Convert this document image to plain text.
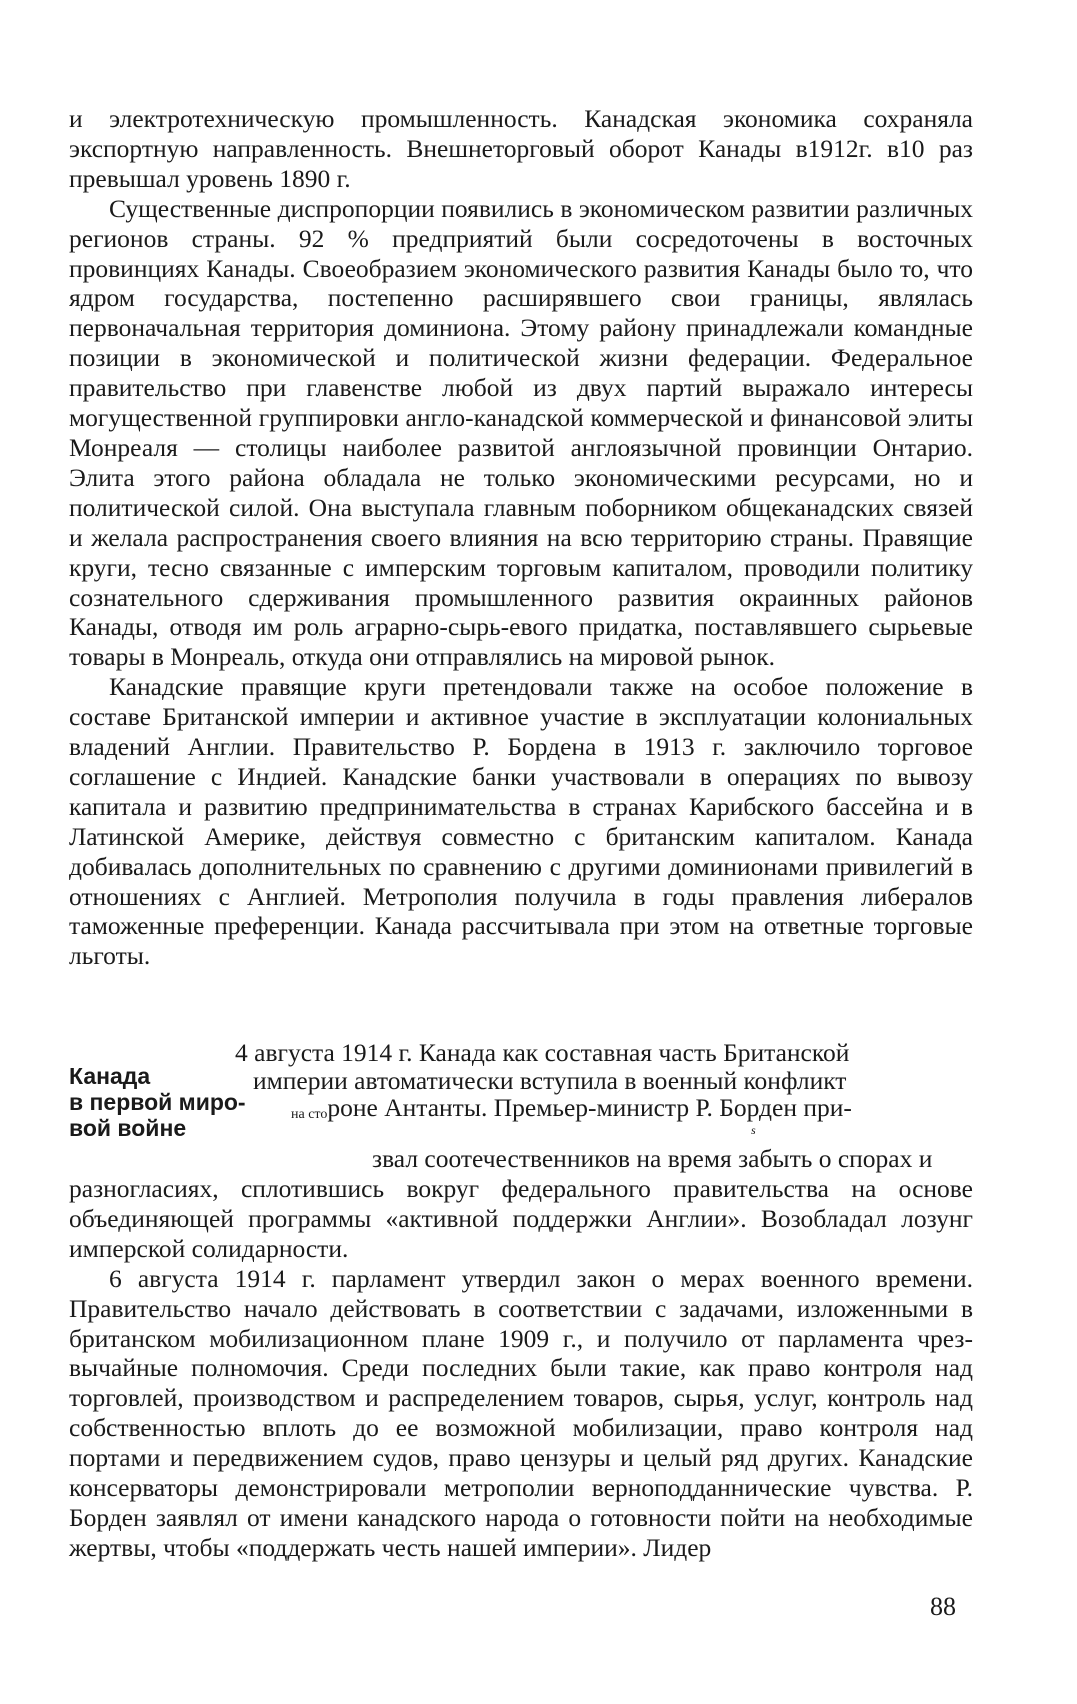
и электротехническую промышленность. Канадская экономика сохраняла экспортную направленность. Внешнеторговый оборот Канады в1912г. в10 раз превышал уровень 1890 г.

Существенные диспропорции появились в экономическом развитии различных регионов страны. 92 % предприятий были сосредоточены в восточных провинциях Канады. Своеобразием экономического развития Канады было то, что ядром государства, постепенно расширявшего свои границы, являлась первоначальная территория доминиона. Этому району принадлежали командные позиции в экономической и политической жизни федерации. Федеральное правительство при главенстве любой из двух партий выражало интересы могущественной группировки англо-канадской коммерческой и финансовой элиты Монреаля — столицы наиболее развитой англоязычной провинции Онтарио. Элита этого района обладала не только экономическими ресурсами, но и политической силой. Она выступала главным поборником общеканадских связей и желала распространения своего влияния на всю территорию страны. Правящие круги, тесно связанные с имперским торговым капиталом, проводили политику сознательного сдерживания промышленного развития окраинных районов Канады, отводя им роль аграрно-сырь-евого придатка, поставлявшего сырьевые товары в Монреаль, откуда они отправлялись на мировой рынок.

Канадские правящие круги претендовали также на особое положение в составе Британской империи и активное участие в эксплуатации колониальных владений Англии. Правительство Р. Бордена в 1913 г. заключило торговое соглашение с Индией. Канадские банки участвовали в операциях по вывозу капитала и развитию предпринимательства в странах Карибского бассейна и в Латинской Америке, действуя совместно с британским капиталом. Канада добивалась дополнительных по сравнению с другими доминионами привилегий в отношениях с Англией. Метрополия получила в годы правления либералов таможенные преференции. Канада рассчитывала при этом на ответные торговые льготы.

Канада
в первой миро-
вой войне
4 августа 1914 г. Канада как составная часть Британской
империи автоматически вступила в военный конфликт
на стороне Антанты. Премьер-министр Р. Борден при-
s
звал соотечественников на время забыть о спорах и

разногласиях, сплотившись вокруг федерального правительства на основе объединяющей программы «активной поддержки Англии». Возобладал лозунг имперской солидарности.

6 августа 1914 г. парламент утвердил закон о мерах военного времени. Правительство начало действовать в соответствии с задачами, изложенными в британском мобилизационном плане 1909 г., и получило от парламента чрезвычайные полномочия. Среди последних были такие, как право контроля над торговлей, производством и распределением товаров, сырья, услуг, контроль над собственностью вплоть до ее возможной мобилизации, право контроля над портами и передвижением судов, право цензуры и целый ряд других. Канадские консерваторы демонстрировали метрополии верноподданнические чувства. Р. Борден заявлял от имени канадского народа о готовности пойти на необходимые жертвы, чтобы «поддержать честь нашей империи». Лидер

88
